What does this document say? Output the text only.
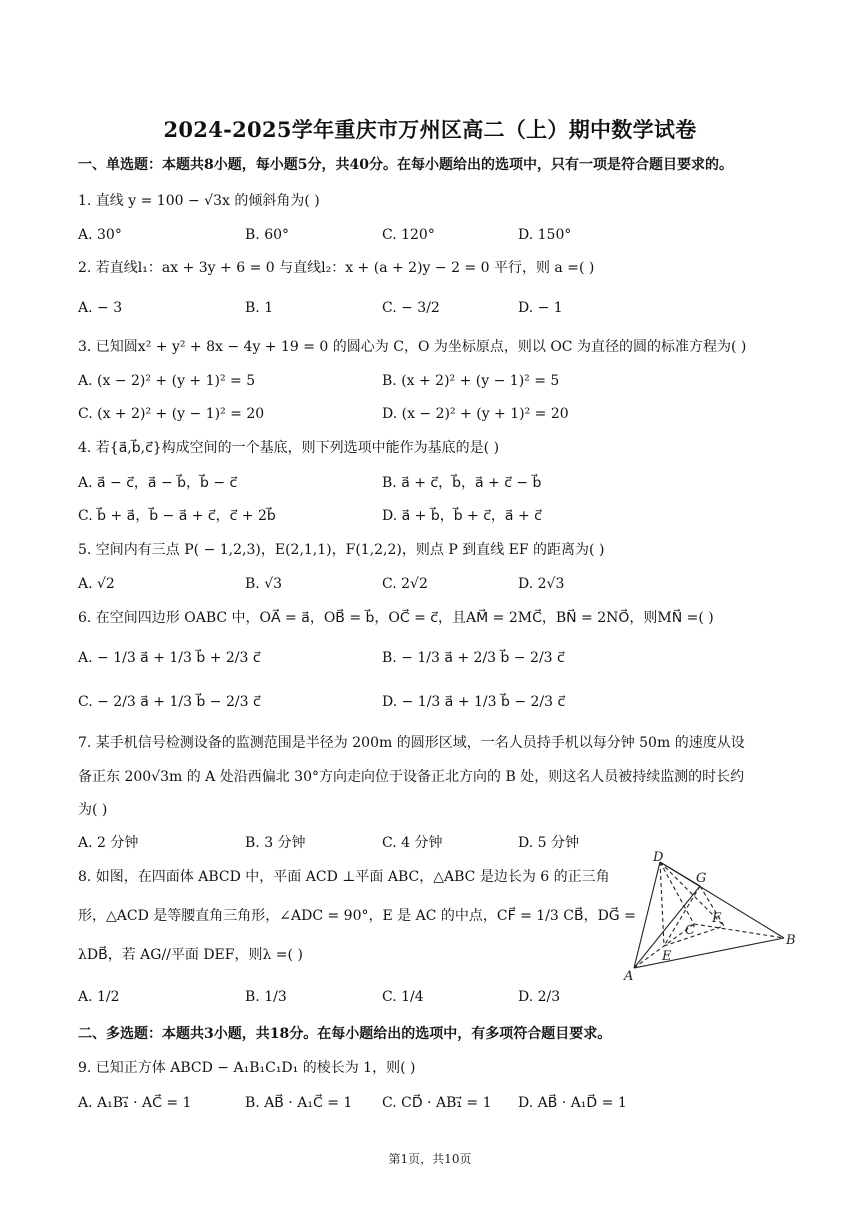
2024-2025学年重庆市万州区高二（上）期中数学试卷
一、单选题：本题共8小题，每小题5分，共40分。在每小题给出的选项中，只有一项是符合题目要求的。
1. 直线 y = 100 − √3x 的倾斜角为( )
A. 30°	B. 60°	C. 120°	D. 150°
2. 若直线l₁：ax + 3y + 6 = 0 与直线l₂：x + (a + 2)y − 2 = 0 平行，则 a =( )
A. − 3	B. 1	C. − 3/2	D. − 1
3. 已知圆x² + y² + 8x − 4y + 19 = 0 的圆心为 C，O 为坐标原点，则以 OC 为直径的圆的标准方程为( )
A. (x − 2)² + (y + 1)² = 5	B. (x + 2)² + (y − 1)² = 5
C. (x + 2)² + (y − 1)² = 20	D. (x − 2)² + (y + 1)² = 20
4. 若{a⃗,b⃗,c⃗}构成空间的一个基底，则下列选项中能作为基底的是( )
A. a⃗ − c⃗，a⃗ − b⃗，b⃗ − c⃗	B. a⃗ + c⃗，b⃗，a⃗ + c⃗ − b⃗
C. b⃗ + a⃗，b⃗ − a⃗ + c⃗，c⃗ + 2b⃗	D. a⃗ + b⃗，b⃗ + c⃗，a⃗ + c⃗
5. 空间内有三点 P( − 1,2,3)，E(2,1,1)，F(1,2,2)，则点 P 到直线 EF 的距离为( )
A. √2	B. √3	C. 2√2	D. 2√3
6. 在空间四边形 OABC 中，OA⃗ = a⃗，OB⃗ = b⃗，OC⃗ = c⃗，且AM⃗ = 2MC⃗，BN⃗ = 2NO⃗，则MN⃗ =( )
A. − 1/3 a⃗ + 1/3 b⃗ + 2/3 c⃗	B. − 1/3 a⃗ + 2/3 b⃗ − 2/3 c⃗
C. − 2/3 a⃗ + 1/3 b⃗ − 2/3 c⃗	D. − 1/3 a⃗ + 1/3 b⃗ − 2/3 c⃗
7. 某手机信号检测设备的监测范围是半径为 200m 的圆形区域，一名人员持手机以每分钟 50m 的速度从设
备正东 200√3m 的 A 处沿西偏北 30°方向走向位于设备正北方向的 B 处，则这名人员被持续监测的时长约
为( )
A. 2 分钟	B. 3 分钟	C. 4 分钟	D. 5 分钟
8. 如图，在四面体 ABCD 中，平面 ACD ⊥平面 ABC，△ABC 是边长为 6 的正三角
形，△ACD 是等腰直角三角形，∠ADC = 90°，E 是 AC 的中点，CF⃗ = 1/3 CB⃗，DG⃗ =
λDB⃗，若 AG//平面 DEF，则λ =( )
A. 1/2	B. 1/3	C. 1/4	D. 2/3
D
G
F
C
E
B
A
二、多选题：本题共3小题，共18分。在每小题给出的选项中，有多项符合题目要求。
9. 已知正方体 ABCD − A₁B₁C₁D₁ 的棱长为 1，则( )
A. A₁B₁⃗ · AC⃗ = 1	B. AB⃗ · A₁C⃗ = 1 C. CD⃗ · AB₁⃗ = 1 D. AB⃗ · A₁D⃗ = 1
第1页，共10页
